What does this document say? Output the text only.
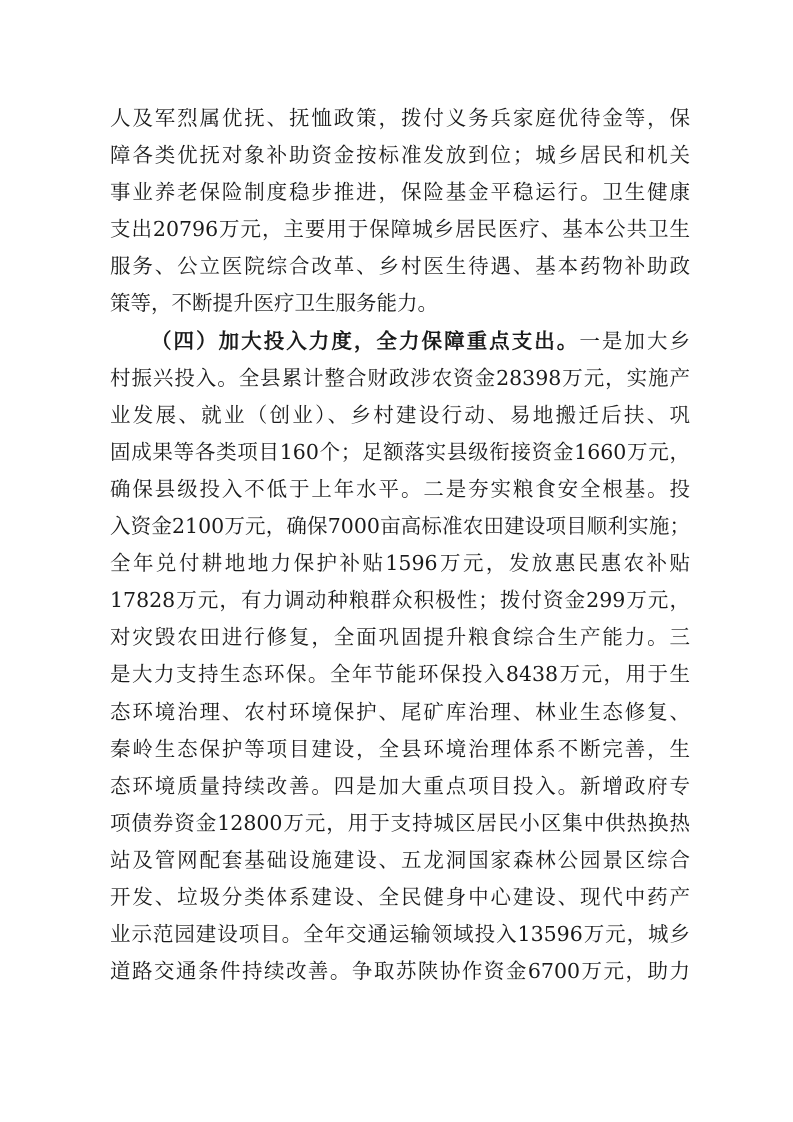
人及军烈属优抚、抚恤政策，拨付义务兵家庭优待金等，保
障各类优抚对象补助资金按标准发放到位；城乡居民和机关
事业养老保险制度稳步推进，保险基金平稳运行。卫生健康
支出20796万元，主要用于保障城乡居民医疗、基本公共卫生
服务、公立医院综合改革、乡村医生待遇、基本药物补助政
策等，不断提升医疗卫生服务能力。
（四）加大投入力度，全力保障重点支出。一是加大乡
村振兴投入。全县累计整合财政涉农资金28398万元，实施产
业发展、就业（创业）、乡村建设行动、易地搬迁后扶、巩
固成果等各类项目160个；足额落实县级衔接资金1660万元，
确保县级投入不低于上年水平。二是夯实粮食安全根基。投
入资金2100万元，确保7000亩高标准农田建设项目顺利实施；
全年兑付耕地地力保护补贴1596万元，发放惠民惠农补贴
17828万元，有力调动种粮群众积极性；拨付资金299万元，
对灾毁农田进行修复，全面巩固提升粮食综合生产能力。三
是大力支持生态环保。全年节能环保投入8438万元，用于生
态环境治理、农村环境保护、尾矿库治理、林业生态修复、
秦岭生态保护等项目建设，全县环境治理体系不断完善，生
态环境质量持续改善。四是加大重点项目投入。新增政府专
项债券资金12800万元，用于支持城区居民小区集中供热换热
站及管网配套基础设施建设、五龙洞国家森林公园景区综合
开发、垃圾分类体系建设、全民健身中心建设、现代中药产
业示范园建设项目。全年交通运输领域投入13596万元，城乡
道路交通条件持续改善。争取苏陕协作资金6700万元，助力
